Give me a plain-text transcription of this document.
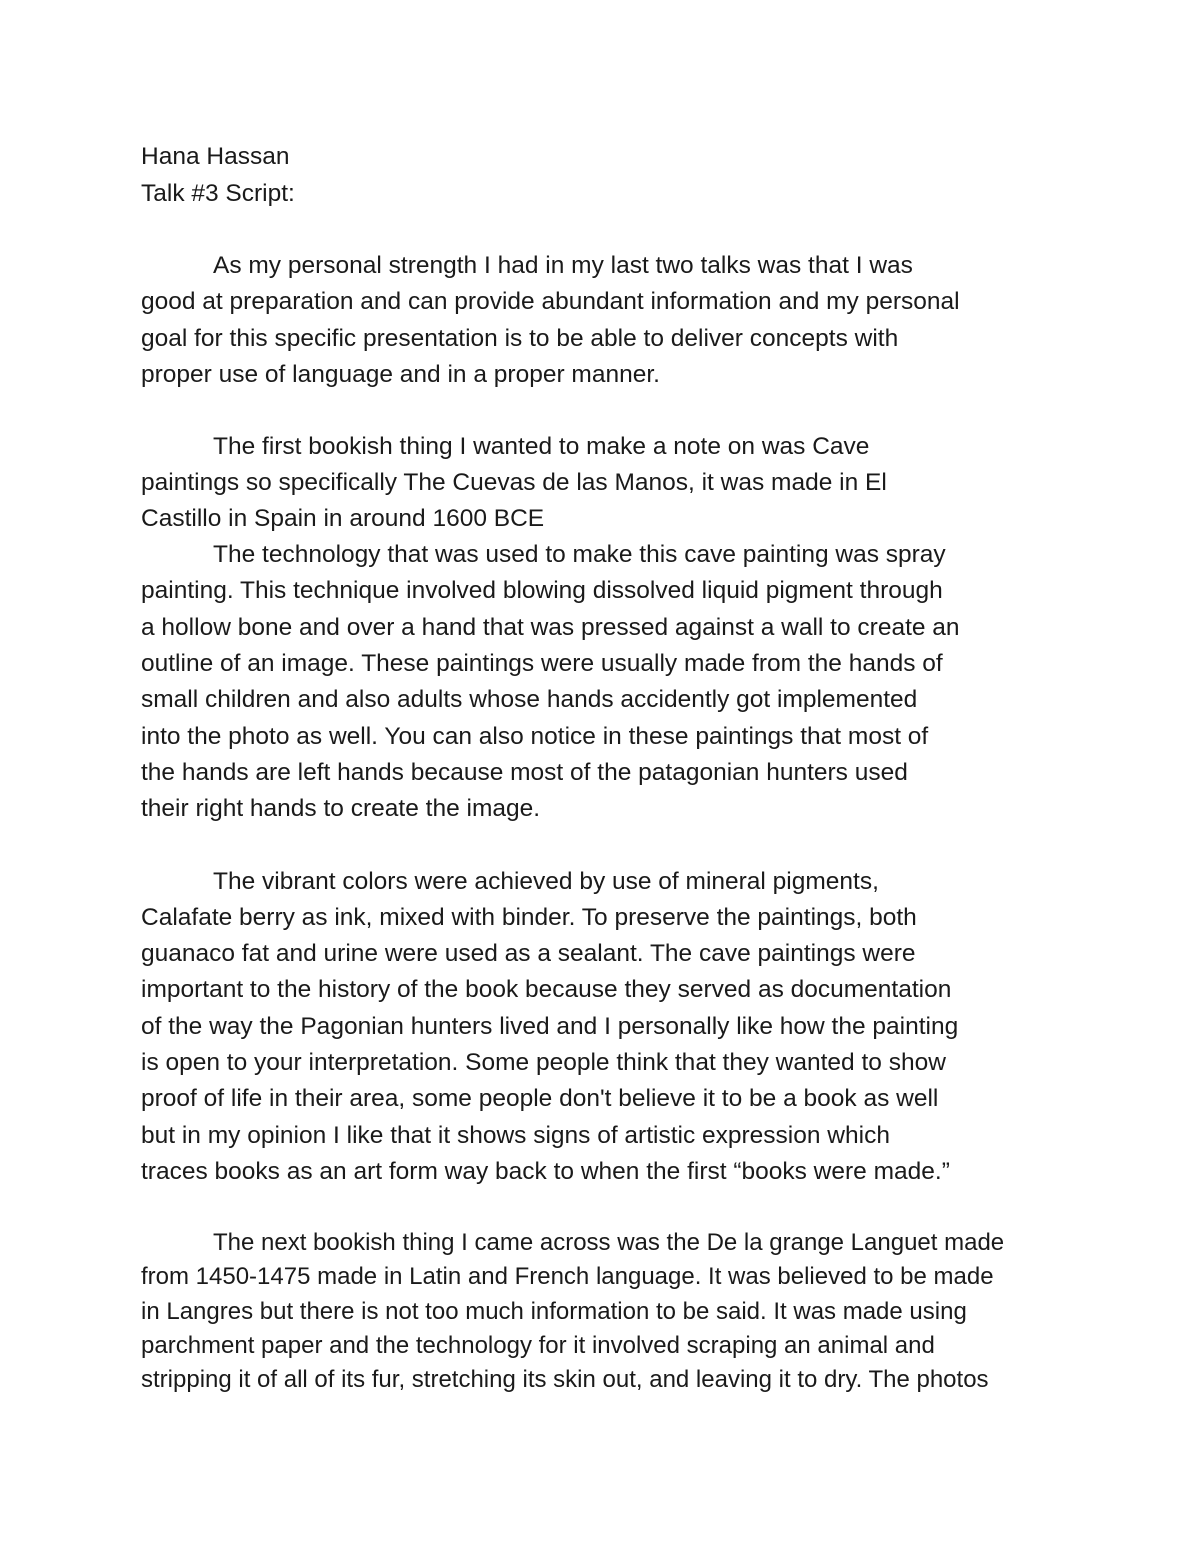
Hana Hassan

Talk #3 Script:

As my personal strength I had in my last two talks was that I was

good at preparation and can provide abundant information and my personal

goal for this specific presentation is to be able to deliver concepts with

proper use of language and in a proper manner.

The first bookish thing I wanted to make a note on was Cave

paintings so specifically The Cuevas de las Manos, it was made in El

Castillo in Spain in around 1600 BCE

The technology that was used to make this cave painting was spray

painting. This technique involved blowing dissolved liquid pigment through

a hollow bone and over a hand that was pressed against a wall to create an

outline of an image. These paintings were usually made from the hands of

small children and also adults whose hands accidently got implemented

into the photo as well. You can also notice in these paintings that most of

the hands are left hands because most of the patagonian hunters used

their right hands to create the image.

The vibrant colors were achieved by use of mineral pigments,

Calafate berry as ink, mixed with binder. To preserve the paintings, both

guanaco fat and urine were used as a sealant. The cave paintings were

important to the history of the book because they served as documentation

of the way the Pagonian hunters lived and I personally like how the painting

is open to your interpretation. Some people think that they wanted to show

proof of life in their area, some people don't believe it to be a book as well

but in my opinion I like that it shows signs of artistic expression which

traces books as an art form way back to when the first “books were made.”

The next bookish thing I came across was the De la grange Languet made

from 1450-1475 made in Latin and French language. It was believed to be made

in Langres but there is not too much information to be said. It was made using

parchment paper and the technology for it involved scraping an animal and

stripping it of all of its fur, stretching its skin out, and leaving it to dry. The photos
